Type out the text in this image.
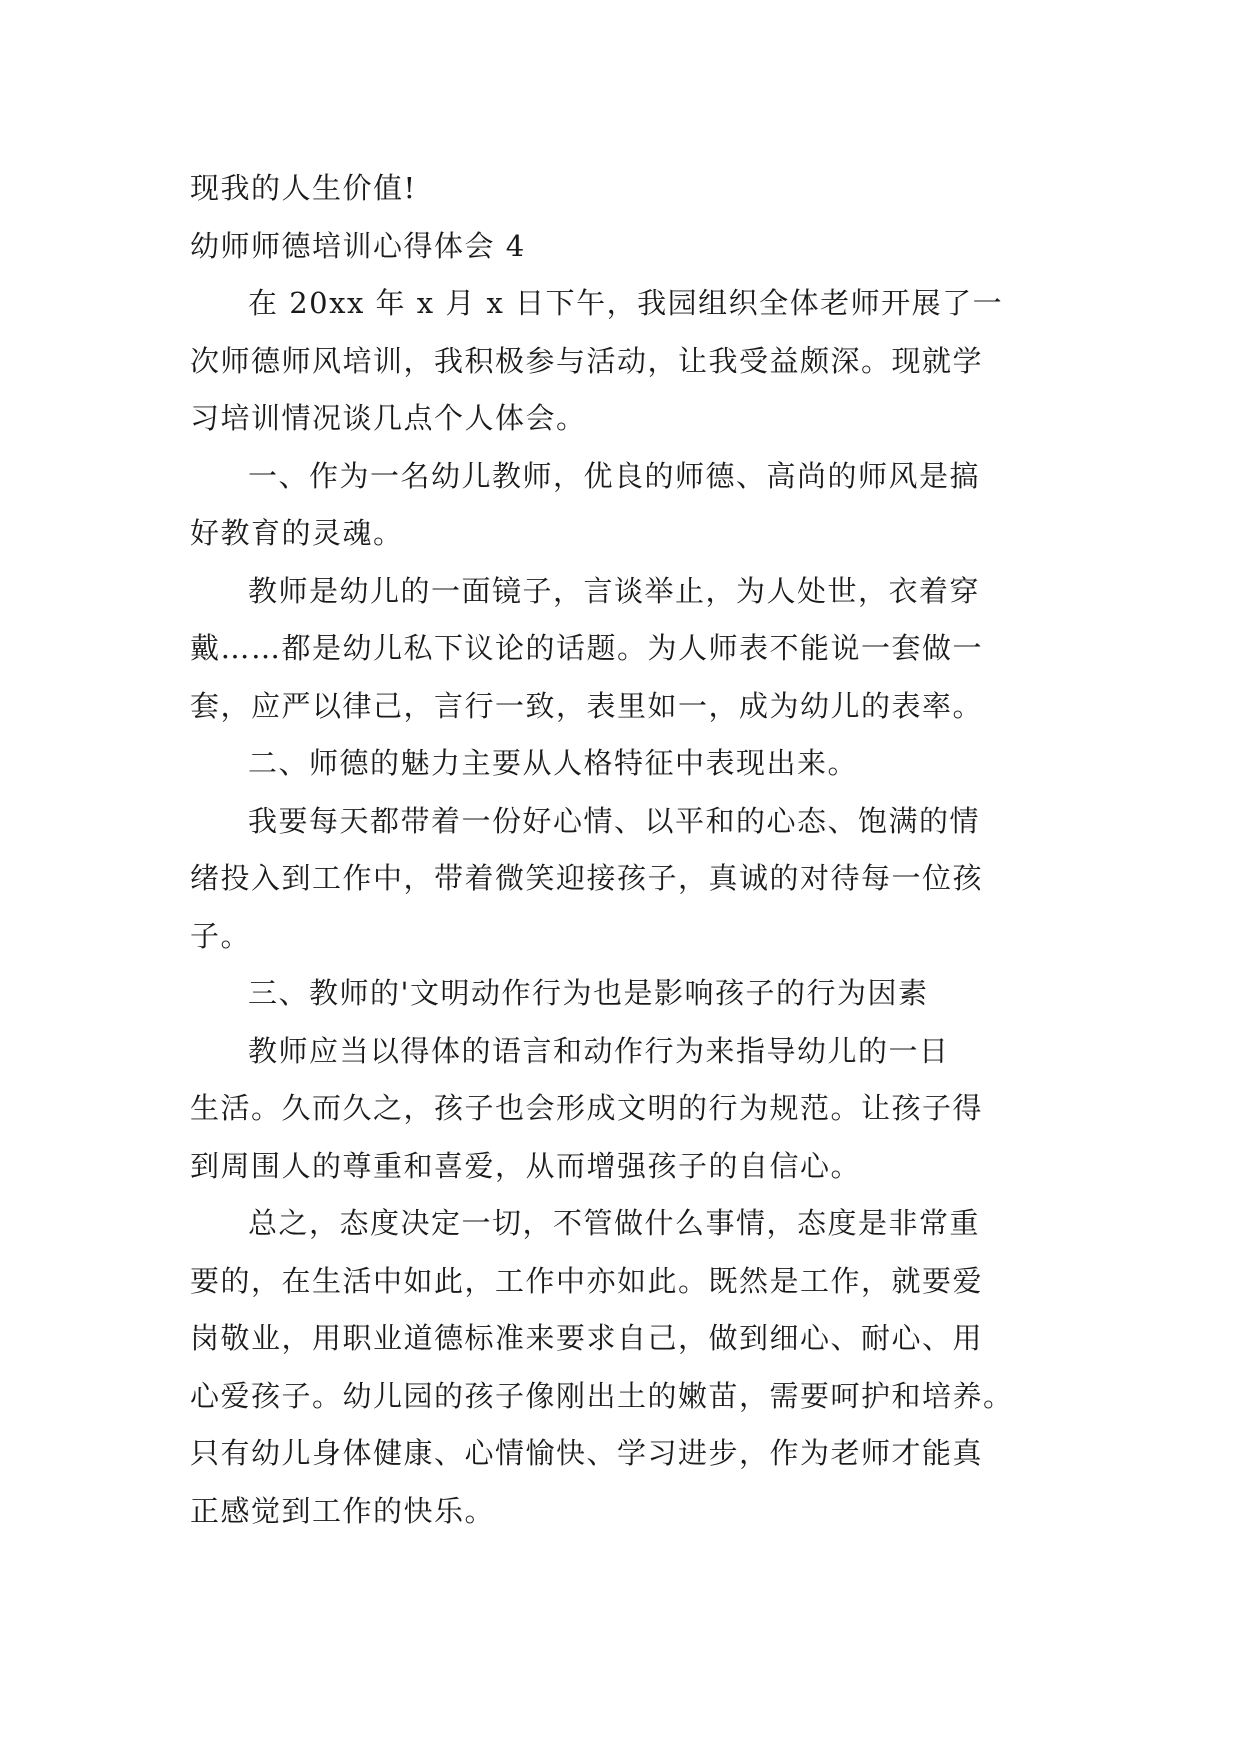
现我的人生价值!

幼师师德培训心得体会 4

在 20xx 年 x 月 x 日下午，我园组织全体老师开展了一

次师德师风培训，我积极参与活动，让我受益颇深。现就学

习培训情况谈几点个人体会。

一、作为一名幼儿教师，优良的师德、高尚的师风是搞

好教育的灵魂。

教师是幼儿的一面镜子，言谈举止，为人处世，衣着穿

戴……都是幼儿私下议论的话题。为人师表不能说一套做一

套，应严以律己，言行一致，表里如一，成为幼儿的表率。

二、师德的魅力主要从人格特征中表现出来。

我要每天都带着一份好心情、以平和的心态、饱满的情

绪投入到工作中，带着微笑迎接孩子，真诚的对待每一位孩

子。

三、教师的'文明动作行为也是影响孩子的行为因素

教师应当以得体的语言和动作行为来指导幼儿的一日

生活。久而久之，孩子也会形成文明的行为规范。让孩子得

到周围人的尊重和喜爱，从而增强孩子的自信心。

总之，态度决定一切，不管做什么事情，态度是非常重

要的，在生活中如此，工作中亦如此。既然是工作，就要爱

岗敬业，用职业道德标准来要求自己，做到细心、耐心、用

心爱孩子。幼儿园的孩子像刚出土的嫩苗，需要呵护和培养。

只有幼儿身体健康、心情愉快、学习进步，作为老师才能真

正感觉到工作的快乐。
